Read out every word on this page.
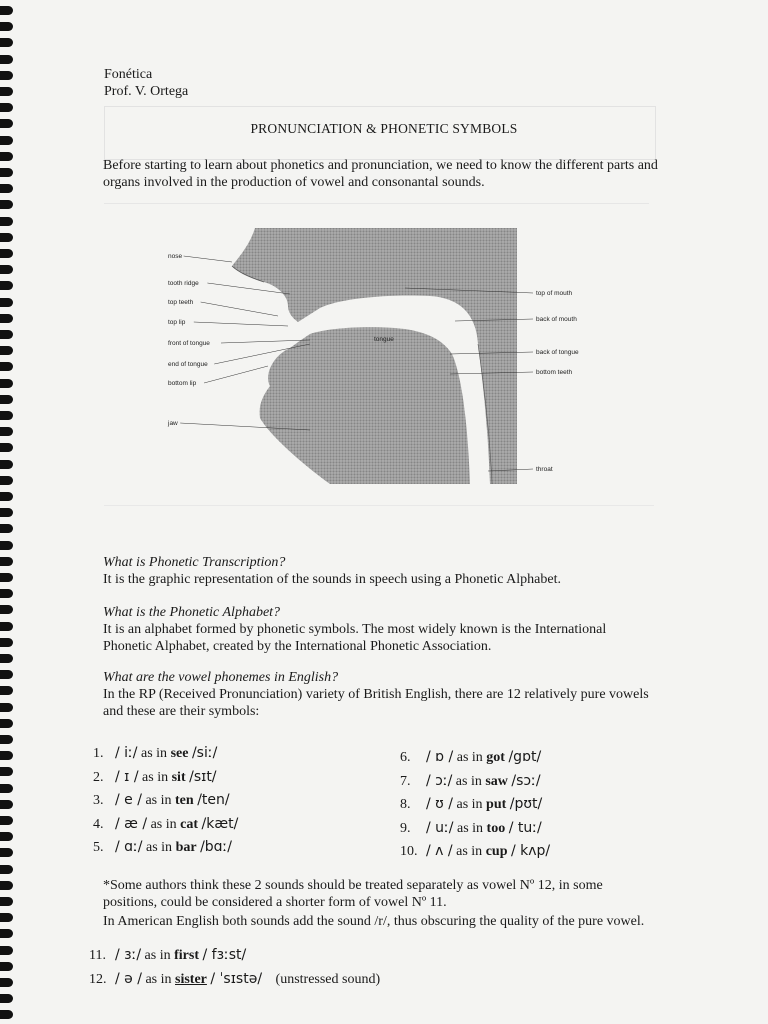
Fonética
Prof. V. Ortega
PRONUNCIATION & PHONETIC SYMBOLS
Before starting to learn about phonetics and pronunciation, we need to know the different parts and organs involved in the production of vowel and consonantal sounds.
nose
tooth ridge
top teeth
top lip
front of tongue
end of tongue
bottom lip
jaw
top of mouth
back of mouth
back of tongue
bottom teeth
throat
tongue
What is Phonetic Transcription?
It is the graphic representation of the sounds in speech using a Phonetic Alphabet.
What is the Phonetic Alphabet?
It is an alphabet formed by phonetic symbols. The most widely known is the International Phonetic Alphabet, created by the International Phonetic Association.
What are the vowel phonemes in English?
In the RP (Received Pronunciation) variety of British English, there are 12 relatively pure vowels and these are their symbols:
1. / iː/ as in see /siː/
2. / ɪ / as in sit /sɪt/
3. / e / as in ten /ten/
4. / æ / as in cat /kæt/
5. / ɑː/ as in bar /bɑː/
6. / ɒ / as in got /gɒt/
7. / ɔː/ as in saw /sɔː/
8. / ʊ / as in put /pʊt/
9. / uː/ as in too / tuː/
10. / ʌ / as in cup / kʌp/
*Some authors think these 2 sounds should be treated separately as vowel Nº 12, in some positions, could be considered a shorter form of vowel Nº 11.
In American English both sounds add the sound /r/, thus obscuring the quality of the pure vowel.
11. / ɜː/ as in first / fɜːst/
12. / ə / as in sister / ˈsɪstə/ (unstressed sound)
